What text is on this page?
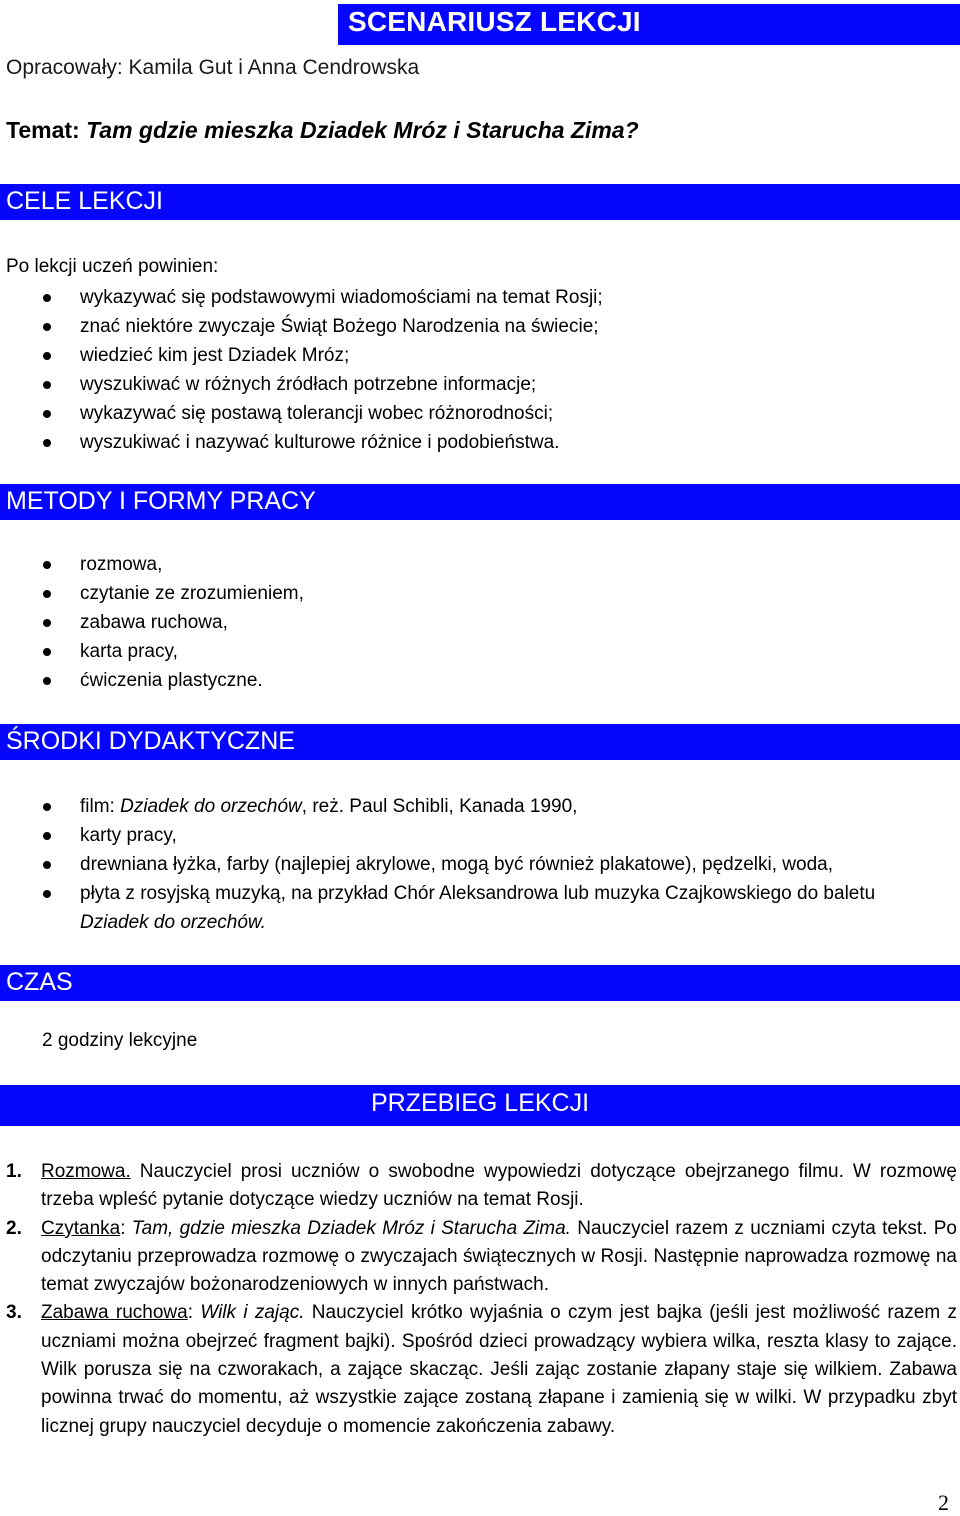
SCENARIUSZ LEKCJI
Opracowały: Kamila Gut i Anna Cendrowska
Temat: Tam gdzie mieszka Dziadek Mróz i Starucha Zima?
CELE LEKCJI
Po lekcji uczeń powinien:
wykazywać się podstawowymi wiadomościami na temat Rosji;
znać niektóre zwyczaje Świąt Bożego Narodzenia na świecie;
wiedzieć kim jest Dziadek Mróz;
wyszukiwać w różnych źródłach potrzebne informacje;
wykazywać się postawą tolerancji wobec różnorodności;
wyszukiwać i nazywać kulturowe różnice i podobieństwa.
METODY I FORMY PRACY
rozmowa,
czytanie ze zrozumieniem,
zabawa ruchowa,
karta pracy,
ćwiczenia plastyczne.
ŚRODKI DYDAKTYCZNE
film: Dziadek do orzechów, reż. Paul Schibli, Kanada 1990,
karty pracy,
drewniana łyżka, farby (najlepiej akrylowe, mogą być również plakatowe), pędzelki, woda,
płyta z rosyjską muzyką, na przykład Chór Aleksandrowa lub muzyka Czajkowskiego do baletu
Dziadek do orzechów.
CZAS
2 godziny lekcyjne
PRZEBIEG LEKCJI
1. Rozmowa. Nauczyciel prosi uczniów o swobodne wypowiedzi dotyczące obejrzanego filmu. W rozmowę trzeba wpleść pytanie dotyczące wiedzy uczniów na temat Rosji.
2. Czytanka: Tam, gdzie mieszka Dziadek Mróz i Starucha Zima. Nauczyciel razem z uczniami czyta tekst. Po odczytaniu przeprowadza rozmowę o zwyczajach świątecznych w Rosji. Następnie naprowadza rozmowę na temat zwyczajów bożonarodzeniowych w innych państwach.
3. Zabawa ruchowa: Wilk i zając. Nauczyciel krótko wyjaśnia o czym jest bajka (jeśli jest możliwość razem z uczniami można obejrzeć fragment bajki). Spośród dzieci prowadzący wybiera wilka, reszta klasy to zające. Wilk porusza się na czworakach, a zające skacząc. Jeśli zając zostanie złapany staje się wilkiem. Zabawa powinna trwać do momentu, aż wszystkie zające zostaną złapane i zamienią się w wilki. W przypadku zbyt licznej grupy nauczyciel decyduje o momencie zakończenia zabawy.
2
